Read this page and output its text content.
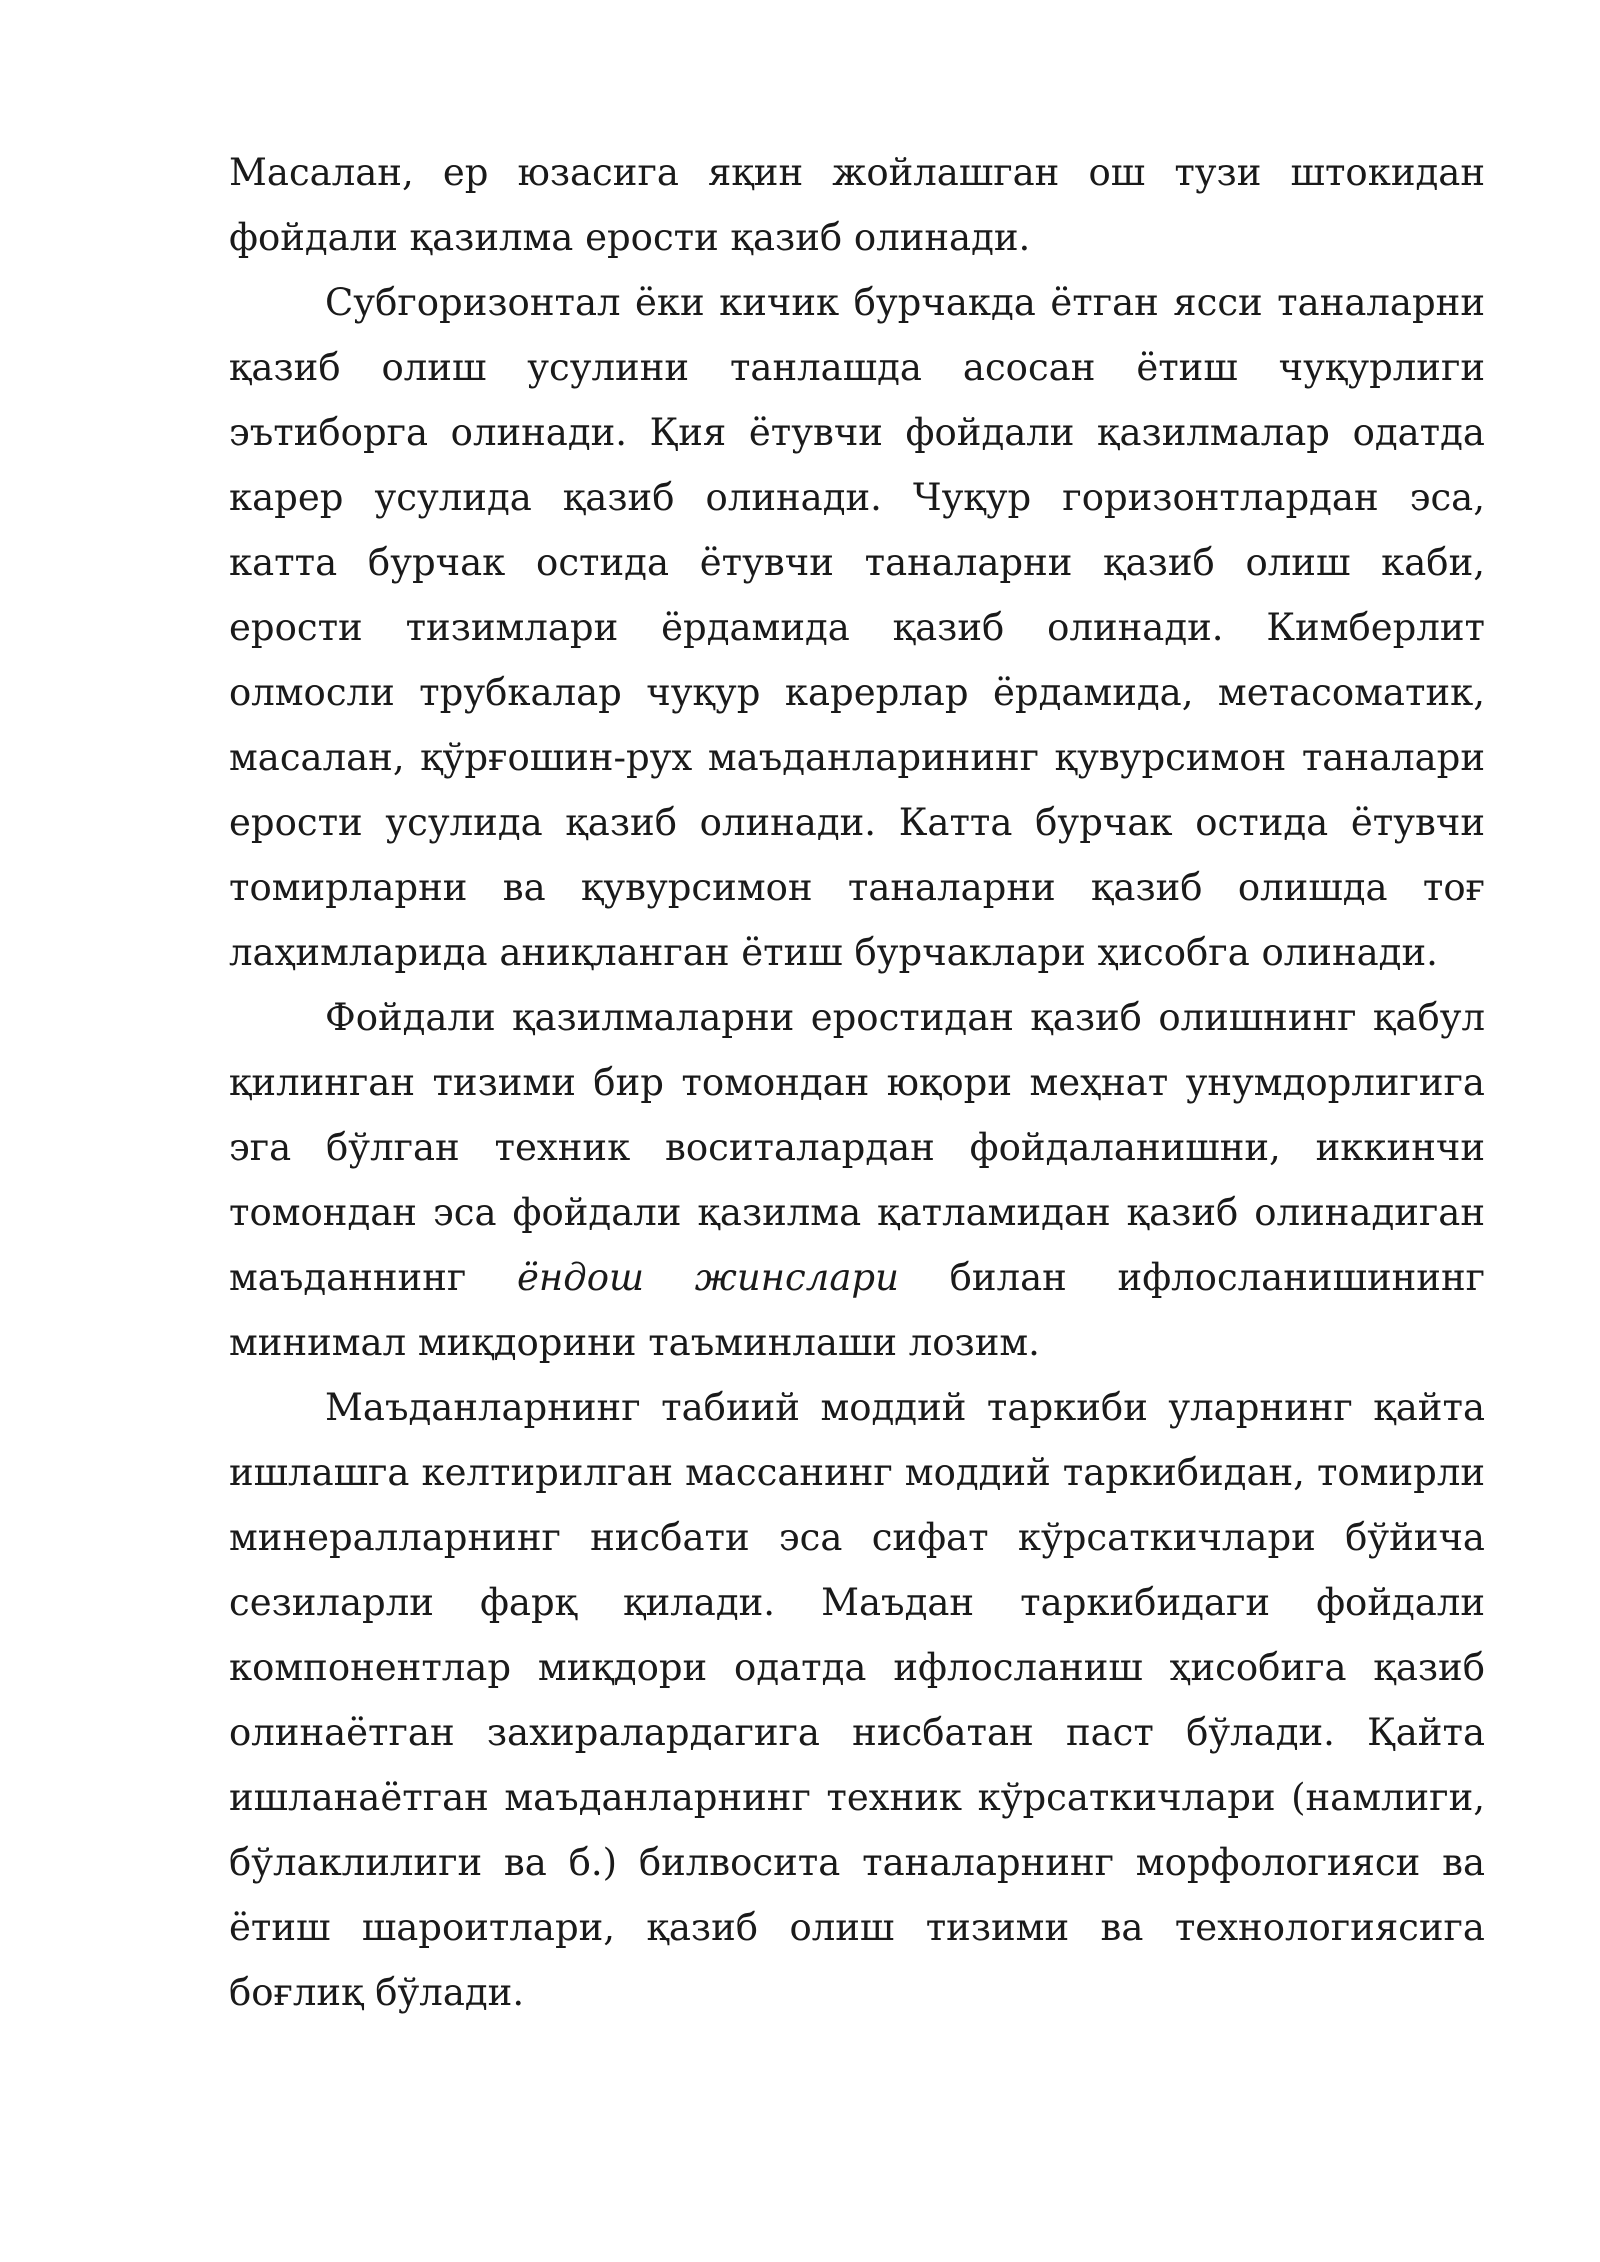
Масалан, ер юзасига яқин жойлашган ош тузи штокидан фойдали қазилма ерости қазиб олинади.

Субгоризонтал ёки кичик бурчакда ётган ясси таналарни қазиб олиш усулини танлашда асосан ётиш чуқурлиги эътиборга олинади. Қия ётувчи фойдали қазилмалар одатда карер усулида қазиб олинади. Чуқур горизонтлардан эса, катта бурчак остида ётувчи таналарни қазиб олиш каби, ерости тизимлари ёрдамида қазиб олинади. Кимберлит олмосли трубкалар чуқур карерлар ёрдамида, метасоматик, масалан, қўрғошин-рух маъданларининг қувурсимон таналари ерости усулида қазиб олинади. Катта бурчак остида ётувчи томирларни ва қувурсимон таналарни қазиб олишда тоғ лаҳимларида аниқланган ётиш бурчаклари ҳисобга олинади.

Фойдали қазилмаларни еростидан қазиб олишнинг қабул қилинган тизими бир томондан юқори меҳнат унумдорлигига эга бўлган техник воситалардан фойдаланишни, иккинчи томондан эса фойдали қазилма қатламидан қазиб олинадиган маъданнинг ёндош жинслари билан ифлосланишининг минимал миқдорини таъминлаши лозим.

Маъданларнинг табиий моддий таркиби уларнинг қайта ишлашга келтирилган массанинг моддий таркибидан, томирли минералларнинг нисбати эса сифат кўрсаткичлари бўйича сезиларли фарқ қилади. Маъдан таркибидаги фойдали компонентлар миқдори одатда ифлосланиш ҳисобига қазиб олинаётган захиралардагига нисбатан паст бўлади. Қайта ишланаётган маъданларнинг техник кўрсаткичлари (намлиги, бўлаклилиги ва б.) билвосита таналарнинг морфологияси ва ётиш шароитлари, қазиб олиш тизими ва технологиясига боғлиқ бўлади.
